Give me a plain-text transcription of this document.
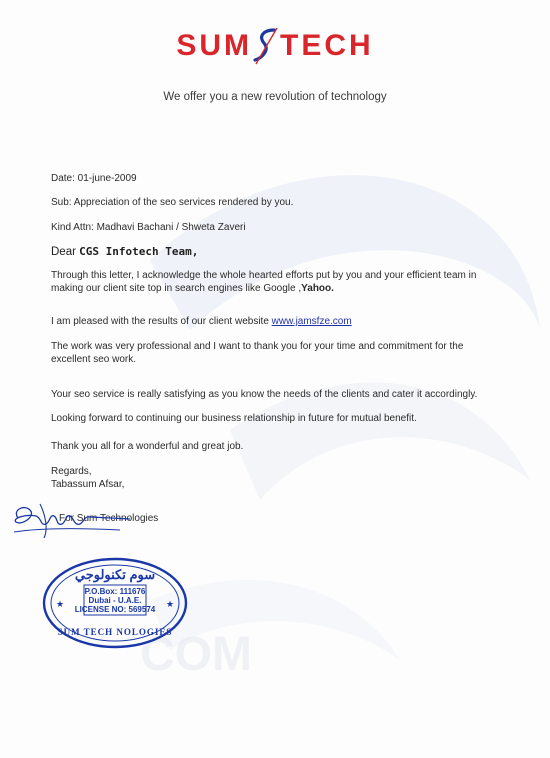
COM
SUM TECH
We offer you a new revolution of technology

Date: 01-june-2009

Sub: Appreciation of the seo services rendered by you.

Kind Attn: Madhavi Bachani / Shweta Zaveri

Dear CGS Infotech Team,

Through this letter, I acknowledge the whole hearted efforts put by you and your efficient team in making our client site top in search engines like Google ,Yahoo.

I am pleased with the results of our client website www.jamsfze.com

The work was very professional and I want to thank you for your time and commitment for the excellent seo work.

Your seo service is really satisfying as you know the needs of the clients and cater it accordingly.

Looking forward to continuing our business relationship in future for mutual benefit.

Thank you all for a wonderful and great job.

Regards,

Tabassum Afsar,

For Sum Technologies

★	★
سوم تكنولوجي
P.O.Box: 111676
Dubai - U.A.E.
LICENSE NO: 569574
SUM TECH NOLOGIES
